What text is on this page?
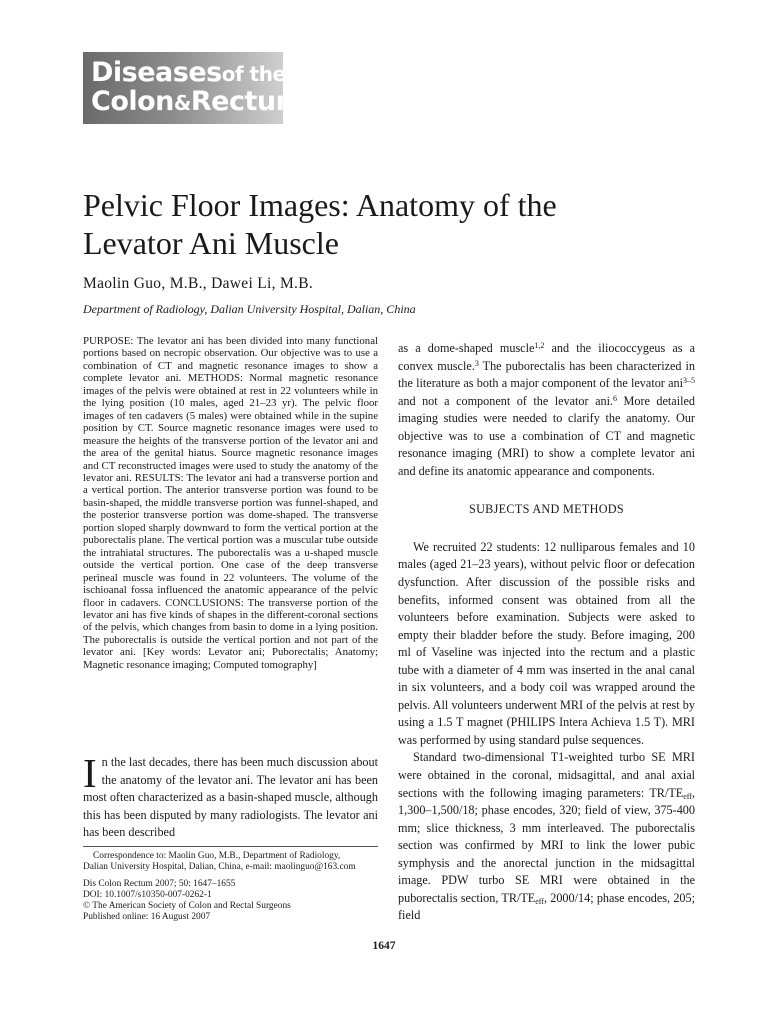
Diseasesof the
Colon&Rectum
Pelvic Floor Images: Anatomy of the Levator Ani Muscle
Maolin Guo, M.B., Dawei Li, M.B.
Department of Radiology, Dalian University Hospital, Dalian, China

PURPOSE: The levator ani has been divided into many functional portions based on necropic observation. Our objective was to use a combination of CT and magnetic resonance images to show a complete levator ani. METHODS: Normal magnetic resonance images of the pelvis were obtained at rest in 22 volunteers while in the lying position (10 males, aged 21–23 yr). The pelvic floor images of ten cadavers (5 males) were obtained while in the supine position by CT. Source magnetic resonance images were used to measure the heights of the transverse portion of the levator ani and the area of the genital hiatus. Source magnetic resonance images and CT reconstructed images were used to study the anatomy of the levator ani. RESULTS: The levator ani had a transverse portion and a vertical portion. The anterior transverse portion was found to be basin-shaped, the middle transverse portion was funnel-shaped, and the posterior transverse portion was dome-shaped. The transverse portion sloped sharply downward to form the vertical portion at the puborectalis plane. The vertical portion was a muscular tube outside the intrahiatal structures. The puborectalis was a u-shaped muscle outside the vertical portion. One case of the deep transverse perineal muscle was found in 22 volunteers. The volume of the ischioanal fossa influenced the anatomic appearance of the pelvic floor in cadavers. CONCLUSIONS: The transverse portion of the levator ani has five kinds of shapes in the different-coronal sections of the pelvis, which changes from basin to dome in a lying position. The puborectalis is outside the vertical portion and not part of the levator ani. [Key words: Levator ani; Puborectalis; Anatomy; Magnetic resonance imaging; Computed tomography]

In the last decades, there has been much discussion about the anatomy of the levator ani. The levator ani has been most often characterized as a basin-shaped muscle, although this has been disputed by many radiologists. The levator ani has been described

Correspondence to: Maolin Guo, M.B., Department of Radiology,
Dalian University Hospital, Dalian, China, e-mail: maolinguo@163.com
Dis Colon Rectum 2007; 50: 1647–1655
DOI: 10.1007/s10350-007-0262-1
© The American Society of Colon and Rectal Surgeons
Published online: 16 August 2007

as a dome-shaped muscle$^{1,2}$ and the iliococcygeus as a convex muscle.$^3$ The puborectalis has been characterized in the literature as both a major component of the levator ani$^{3-5}$ and not a component of the levator ani.$^6$ More detailed imaging studies were needed to clarify the anatomy. Our objective was to use a combination of CT and magnetic resonance imaging (MRI) to show a complete levator ani and define its anatomic appearance and components.

SUBJECTS AND METHODS

We recruited 22 students: 12 nulliparous females and 10 males (aged 21–23 years), without pelvic floor or defecation dysfunction. After discussion of the possible risks and benefits, informed consent was obtained from all the volunteers before examination. Subjects were asked to empty their bladder before the study. Before imaging, 200 ml of Vaseline was injected into the rectum and a plastic tube with a diameter of 4 mm was inserted in the anal canal in six volunteers, and a body coil was wrapped around the pelvis. All volunteers underwent MRI of the pelvis at rest by using a 1.5 T magnet (PHILIPS Intera Achieva 1.5 T). MRI was performed by using standard pulse sequences.

Standard two-dimensional T1-weighted turbo SE MRI were obtained in the coronal, midsagittal, and anal axial sections with the following imaging parameters: $TR/TE_{eff}$, 1,300–1,500/18; phase encodes, 320; field of view, 375-400 mm; slice thickness, 3 mm interleaved. The puborectalis section was confirmed by MRI to link the lower pubic symphysis and the anorectal junction in the midsagittal image. PDW turbo SE MRI were obtained in the puborectalis section, $TR/TE_{eff}$, 2000/14; phase encodes, 205; field

1647
